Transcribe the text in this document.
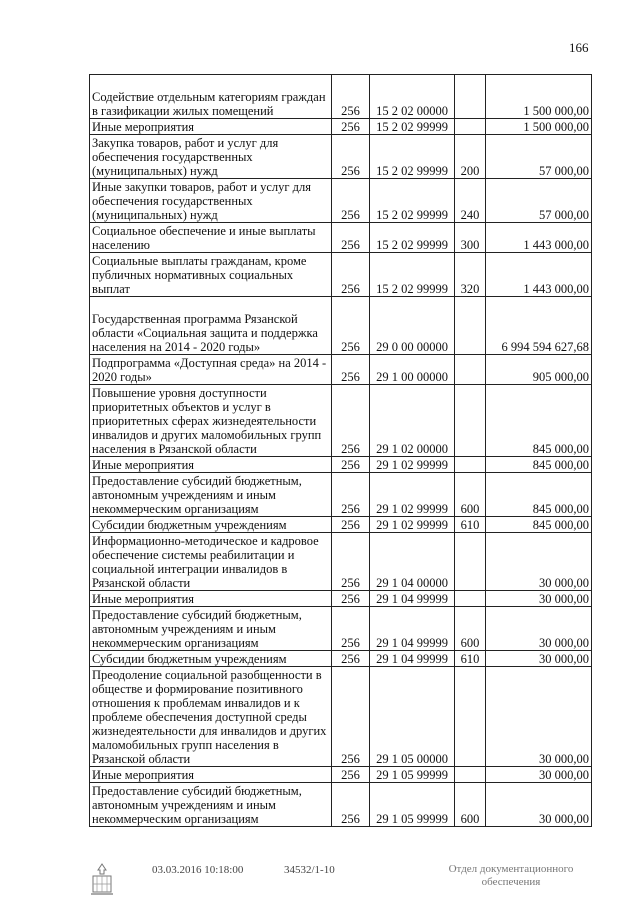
166
Содействие отдельным категориям граждан в газификации жилых помещений	256	15 2 02 00000		1 500 000,00
Иные мероприятия	256	15 2 02 99999		1 500 000,00
Закупка товаров, работ и услуг для обеспечения государственных (муниципальных) нужд	256	15 2 02 99999	200	57 000,00
Иные закупки товаров, работ и услуг для обеспечения государственных (муниципальных) нужд	256	15 2 02 99999	240	57 000,00
Социальное обеспечение и иные выплаты населению	256	15 2 02 99999	300	1 443 000,00
Социальные выплаты гражданам, кроме публичных нормативных социальных выплат	256	15 2 02 99999	320	1 443 000,00
Государственная программа Рязанской области «Социальная защита и поддержка населения на 2014 - 2020 годы»	256	29 0 00 00000		6 994 594 627,68
Подпрограмма «Доступная среда» на 2014 - 2020 годы»	256	29 1 00 00000		905 000,00
Повышение уровня доступности приоритетных объектов и услуг в приоритетных сферах жизнедеятельности инвалидов и других маломобильных групп населения в Рязанской области	256	29 1 02 00000		845 000,00
Иные мероприятия	256	29 1 02 99999		845 000,00
Предоставление субсидий бюджетным, автономным учреждениям и иным некоммерческим организациям	256	29 1 02 99999	600	845 000,00
Субсидии бюджетным учреждениям	256	29 1 02 99999	610	845 000,00
Информационно-методическое и кадровое обеспечение системы реабилитации и социальной интеграции инвалидов в Рязанской области	256	29 1 04 00000		30 000,00
Иные мероприятия	256	29 1 04 99999		30 000,00
Предоставление субсидий бюджетным, автономным учреждениям и иным некоммерческим организациям	256	29 1 04 99999	600	30 000,00
Субсидии бюджетным учреждениям	256	29 1 04 99999	610	30 000,00
Преодоление социальной разобщенности в обществе и формирование позитивного отношения к проблемам инвалидов и к проблеме обеспечения доступной среды жизнедеятельности для инвалидов и других маломобильных групп населения в Рязанской области	256	29 1 05 00000		30 000,00
Иные мероприятия	256	29 1 05 99999		30 000,00
Предоставление субсидий бюджетным, автономным учреждениям и иным некоммерческим организациям	256	29 1 05 99999	600	30 000,00
03.03.2016 10:18:00	34532/1-10	Отдел документационного
обеспечения
